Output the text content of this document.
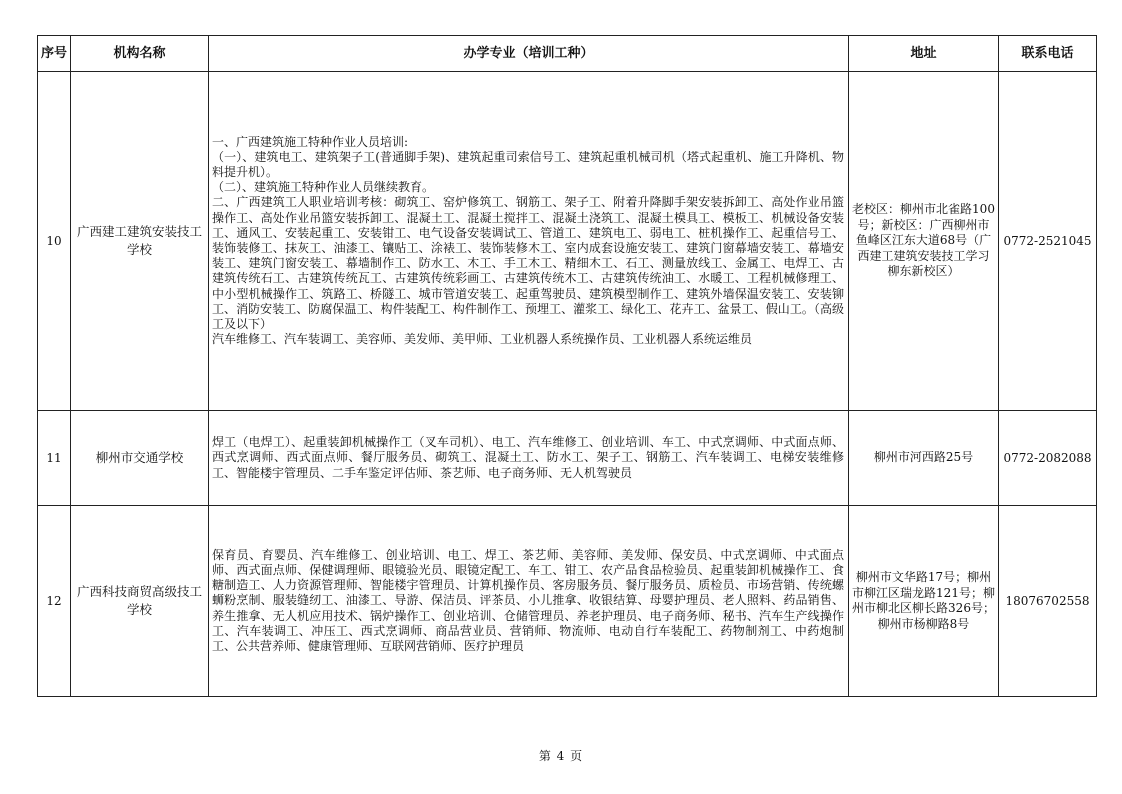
序号	机构名称	办学专业（培训工种）	地址	联系电话
10	广西建工建筑安装技工学校	一、广西建筑施工特种作业人员培训:
（一）、建筑电工、建筑架子工(普通脚手架)、建筑起重司索信号工、建筑起重机械司机（塔式起重机、施工升降机、物料提升机）。
（二）、建筑施工特种作业人员继续教育。
二、广西建筑工人职业培训考核：砌筑工、窑炉修筑工、钢筋工、架子工、附着升降脚手架安装拆卸工、高处作业吊篮操作工、高处作业吊篮安装拆卸工、混凝土工、混凝土搅拌工、混凝土浇筑工、混凝土模具工、模板工、机械设备安装工、通风工、安装起重工、安装钳工、电气设备安装调试工、管道工、建筑电工、弱电工、桩机操作工、起重信号工、装饰装修工、抹灰工、油漆工、镶贴工、涂裱工、装饰装修木工、室内成套设施安装工、建筑门窗幕墙安装工、幕墙安装工、建筑门窗安装工、幕墙制作工、防水工、木工、手工木工、精细木工、石工、测量放线工、金属工、电焊工、古建筑传统石工、古建筑传统瓦工、古建筑传统彩画工、古建筑传统木工、古建筑传统油工、水暖工、工程机械修理工、中小型机械操作工、筑路工、桥隧工、城市管道安装工、起重驾驶员、建筑模型制作工、建筑外墙保温安装工、安装铆工、消防安装工、防腐保温工、构件装配工、构件制作工、预埋工、灌浆工、绿化工、花卉工、盆景工、假山工。（高级工及以下）
汽车维修工、汽车装调工、美容师、美发师、美甲师、工业机器人系统操作员、工业机器人系统运维员	老校区：柳州市北雀路100号；新校区：广西柳州市鱼峰区江东大道68号（广西建工建筑安装技工学习柳东新校区）	0772-2521045
11	柳州市交通学校	焊工（电焊工）、起重装卸机械操作工（叉车司机）、电工、汽车维修工、创业培训、车工、中式烹调师、中式面点师、西式烹调师、西式面点师、餐厅服务员、砌筑工、混凝土工、防水工、架子工、钢筋工、汽车装调工、电梯安装维修工、智能楼宇管理员、二手车鉴定评估师、茶艺师、电子商务师、无人机驾驶员	柳州市河西路25号	0772-2082088
12	广西科技商贸高级技工学校	保育员、育婴员、汽车维修工、创业培训、电工、焊工、茶艺师、美容师、美发师、保安员、中式烹调师、中式面点师、西式面点师、保健调理师、眼镜验光员、眼镜定配工、车工、钳工、农产品食品检验员、起重装卸机械操作工、食糖制造工、人力资源管理师、智能楼宇管理员、计算机操作员、客房服务员、餐厅服务员、质检员、市场营销、传统螺蛳粉烹制、服装缝纫工、油漆工、导游、保洁员、评茶员、小儿推拿、收银结算、母婴护理员、老人照料、药品销售、养生推拿、无人机应用技术、锅炉操作工、创业培训、仓储管理员、养老护理员、电子商务师、秘书、汽车生产线操作工、汽车装调工、冲压工、西式烹调师、商品营业员、营销师、物流师、电动自行车装配工、药物制剂工、中药炮制工、公共营养师、健康管理师、互联网营销师、医疗护理员	柳州市文华路17号；柳州市柳江区瑞龙路121号；柳州市柳北区柳长路326号；柳州市杨柳路8号	18076702558
第 4 页
